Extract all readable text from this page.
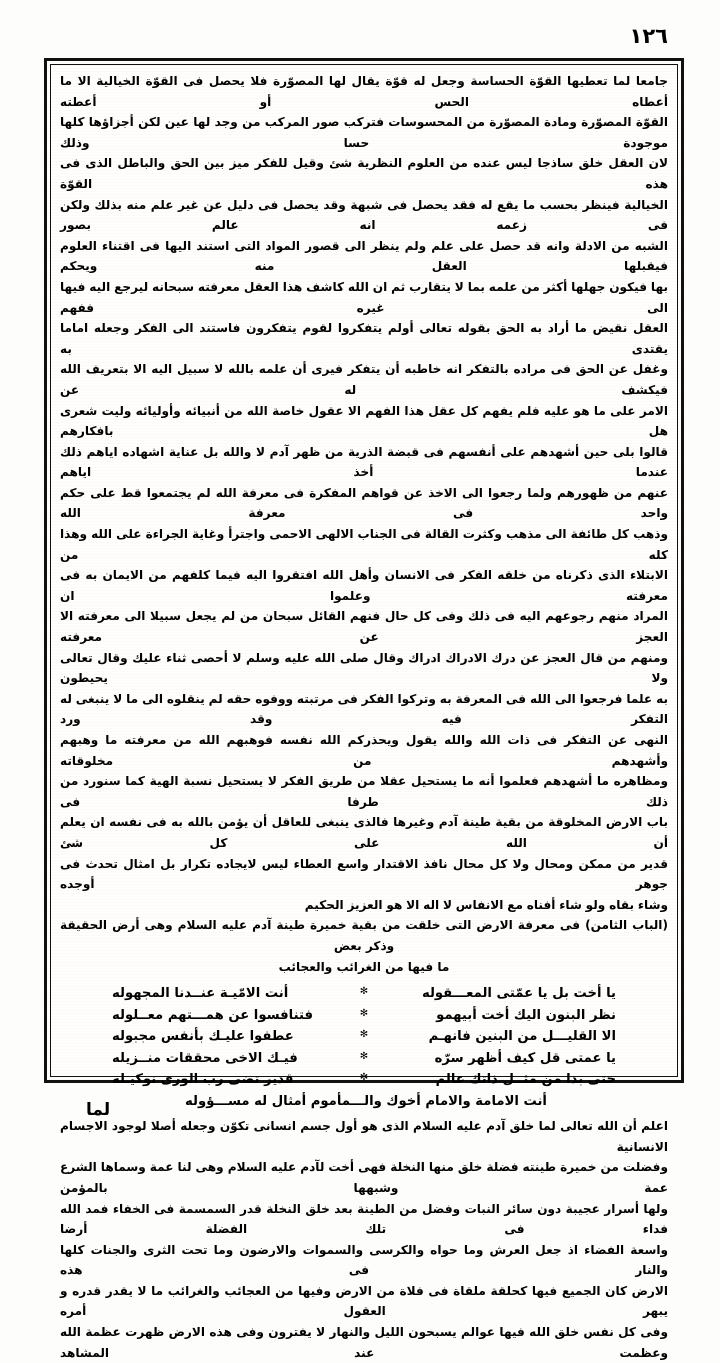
١٢٦

جامعا لما تعطيها القوّة الحساسة وجعل له قوّة يقال لها المصوّرة فلا يحصل فى القوّة الخيالية الا ما أعطاه الحس أو أعطته

القوّة المصوّرة ومادة المصوّرة من المحسوسات فتركب صور المركب من وجد لها عين لكن أجزاؤها كلها موجودة حسا وذلك

لان العقل خلق ساذجا ليس عنده من العلوم النظرية شئ وقيل للفكر ميز بين الحق والباطل الذى فى هذه القوّة

الخيالية فينظر بحسب ما يقع له فقد يحصل فى شبهة وقد يحصل فى دليل عن غير علم منه بذلك ولكن فى زعمه انه عالم بصور

الشبه من الادلة وانه قد حصل على علم ولم ينظر الى قصور المواد التى استند اليها فى اقتناء العلوم فيقبلها العقل منه ويحكم

بها فيكون جهلها أكثر من علمه بما لا يتقارب ثم ان الله كاشف هذا العقل معرفته سبحانه ليرجع اليه فيها الى غيره ففهم

العقل نقيض ما أراد به الحق بقوله تعالى أولم يتفكروا لقوم يتفكرون فاستند الى الفكر وجعله اماما يقتدى به

وغفل عن الحق فى مراده بالتفكر انه خاطبه أن يتفكر فيرى أن علمه بالله لا سبيل اليه الا بتعريف الله فيكشف له عن

الامر على ما هو عليه فلم يفهم كل عقل هذا الفهم الا عقول خاصة الله من أنبيائه وأوليائه وليت شعرى هل بافكارهم

قالوا بلى حين أشهدهم على أنفسهم فى قبضة الذرية من ظهر آدم لا والله بل عناية اشهاده اياهم ذلك عندما أخذ اياهم

عنهم من ظهورهم ولما رجعوا الى الاخذ عن قواهم المفكرة فى معرفة الله لم يجتمعوا قط على حكم واحد فى معرفة الله

وذهب كل طائفة الى مذهب وكثرت القالة فى الجناب الالهى الاحمى واجترأ وغاية الجراءة على الله وهذا كله من

الابتلاء الذى ذكرناه من خلقه الفكر فى الانسان وأهل الله افتقروا اليه فيما كلفهم من الايمان به فى معرفته وعلموا ان

المراد منهم رجوعهم اليه فى ذلك وفى كل حال فنهم القائل سبحان من لم يجعل سبيلا الى معرفته الا العجز عن معرفته

ومنهم من قال العجز عن درك الادراك ادراك وقال صلى الله عليه وسلم لا أحصى ثناء عليك وقال تعالى ولا يحيطون

به علما فرجعوا الى الله فى المعرفة به وتركوا الفكر فى مرتبته ووفوه حقه لم ينقلوه الى ما لا ينبغى له التفكر فيه وقد ورد

النهى عن التفكر فى ذات الله والله يقول ويحذركم الله نفسه فوهبهم الله من معرفته ما وهبهم وأشهدهم من مخلوقاته

ومظاهره ما أشهدهم فعلموا أنه ما يستحيل عقلا من طريق الفكر لا يستحيل نسبة الهية كما سنورد من ذلك طرفا فى

باب الارض المخلوقة من بقية طينة آدم وغيرها فالذى ينبغى للعاقل أن يؤمن بالله به فى نفسه ان يعلم أن الله على كل شئ

قدير من ممكن ومحال ولا كل محال نافذ الاقتدار واسع العطاء ليس لايجاده تكرار بل امثال تحدث فى جوهر أوجده

وشاء بقاه ولو شاء أفناه مع الانفاس لا اله الا هو العزيز الحكيم

(الباب الثامن) فى معرفة الارض التى خلقت من بقية خميرة طينة آدم عليه السلام وهى أرض الحقيقة وذكر بعض
ما فيها من الغرائب والعجائب
يا أخت بل يا عمّتى المعـــقوله
✻
أنت الامّيـة عنــدنا المجهوله
نظر البنون اليك أخت أبيهمو
✻
فتنافسوا عن همـــتهم معــلوله
الا القليـــل من البنين فانهـم
✻
عطفوا عليـك بأنفس مجبوله
يا عمتى قل كيف أظهر سرّه
✻
فيـك الاخى محققات منــزيله
حتى بدا من مثــل ذاتك عالم
✻
قدير تضى رب الورى نوكيـله
أنت الامامة والامام أخوك والـــمأموم أمثال له مســـؤوله

اعلم أن الله تعالى لما خلق آدم عليه السلام الذى هو أول جسم انسانى تكوّن وجعله أصلا لوجود الاجسام الانسانية

وفضلت من خميرة طينته فضلة خلق منها النخلة فهى أخت لآدم عليه السلام وهى لنا عمة وسماها الشرع عمة وشبهها بالمؤمن

ولها أسرار عجيبة دون سائر النبات وفضل من الطينة بعد خلق النخلة قدر السمسمة فى الخفاء فمد الله فداء فى تلك الفضلة أرضا

واسعة الفضاء اذ جعل العرش وما حواه والكرسى والسموات والارضون وما تحت الثرى والجنات كلها والنار فى هذه

الارض كان الجميع فيها كحلقة ملقاة فى فلاة من الارض وفيها من العجائب والغرائب ما لا يقدر قدره و يبهر العقول أمره

وفى كل نفس خلق الله فيها عوالم يسبحون الليل والنهار لا يفترون وفى هذه الارض ظهرت عظمة الله وعظمت عند المشاهد

لما
